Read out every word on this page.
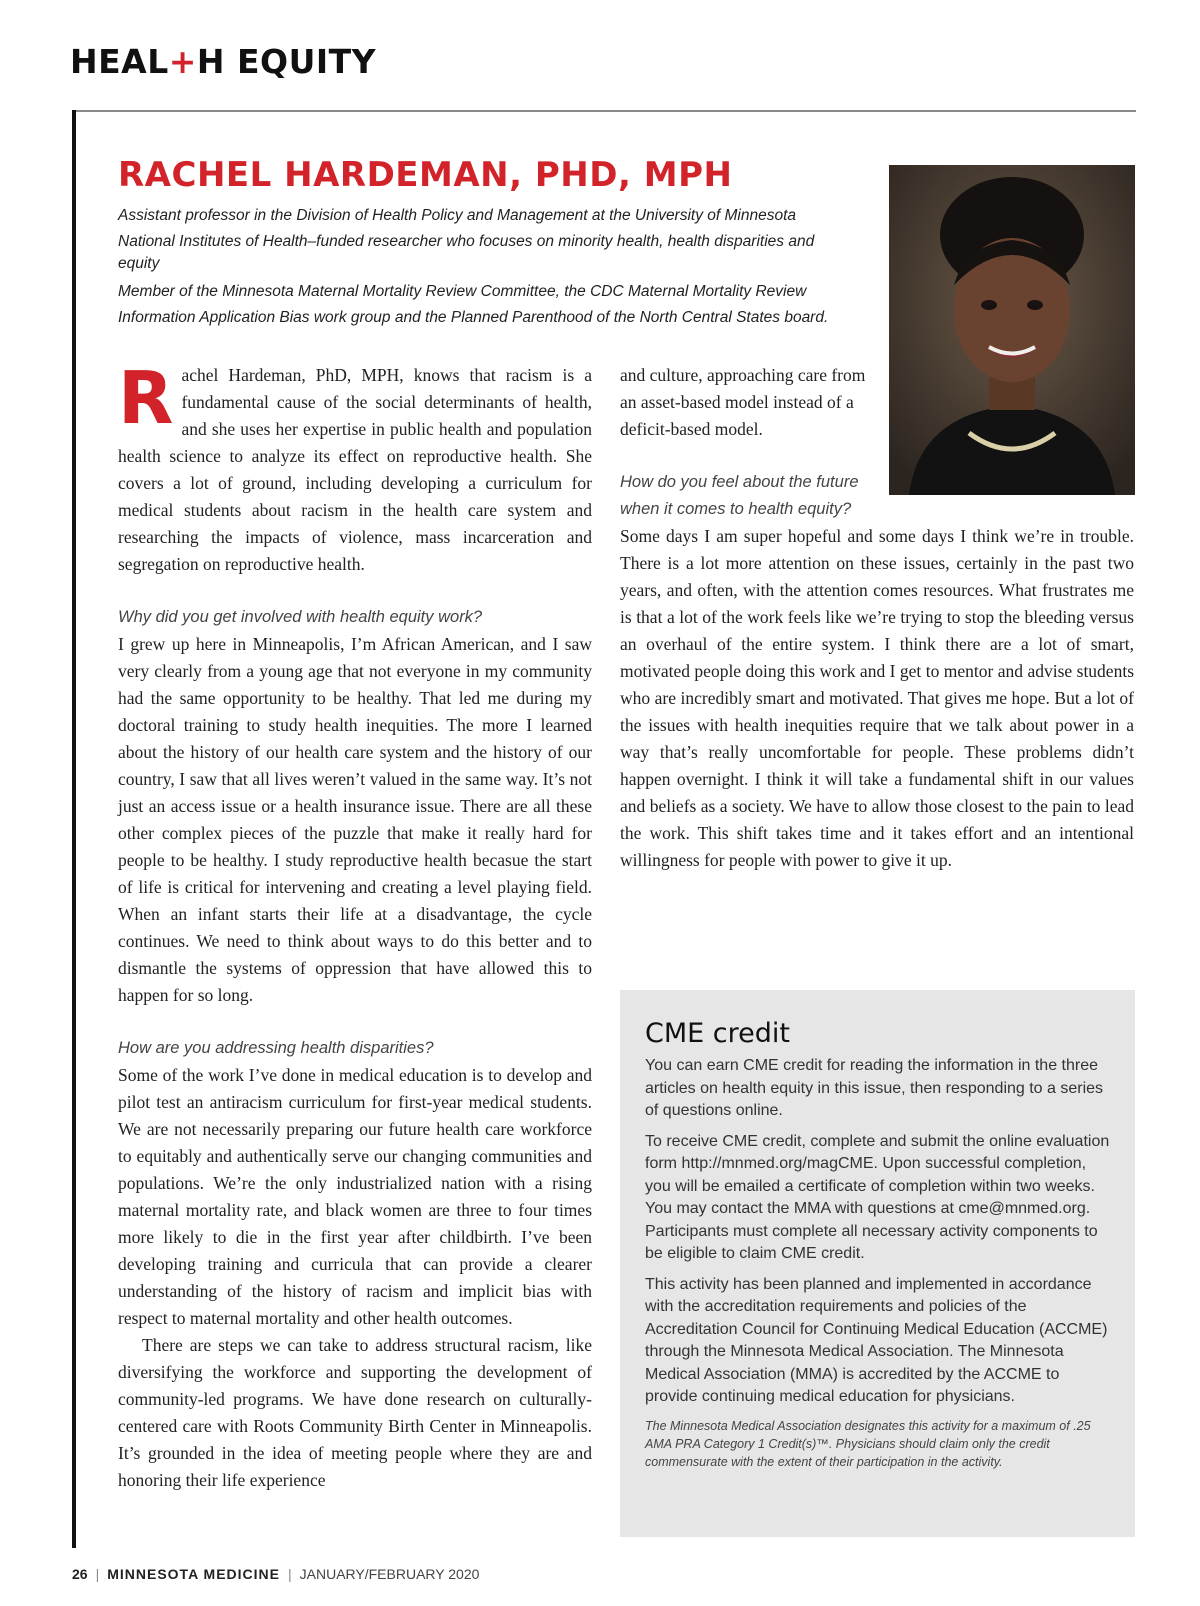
HEAL+H EQUITY
RACHEL HARDEMAN, PHD, MPH

Assistant professor in the Division of Health Policy and Management at the University of Minnesota

National Institutes of Health–funded researcher who focuses on minority health, health disparities and equity

Member of the Minnesota Maternal Mortality Review Committee, the CDC Maternal Mortality Review Information Application Bias work group and the Planned Parenthood of the North Central States board.

Rachel Hardeman, PhD, MPH, knows that racism is a fundamental cause of the social determinants of health, and she uses her expertise in public health and population health science to analyze its effect on reproductive health. She covers a lot of ground, including developing a curriculum for medical students about racism in the health care system and researching the impacts of violence, mass incarceration and segregation on reproductive health.

Why did you get involved with health equity work?

I grew up here in Minneapolis, I’m African American, and I saw very clearly from a young age that not everyone in my community had the same opportunity to be healthy. That led me during my doctoral training to study health inequities. The more I learned about the history of our health care system and the history of our country, I saw that all lives weren’t valued in the same way. It’s not just an access issue or a health insurance issue. There are all these other complex pieces of the puzzle that make it really hard for people to be healthy. I study reproductive health becasue the start of life is critical for intervening and creating a level playing field. When an infant starts their life at a disadvantage, the cycle continues. We need to think about ways to do this better and to dismantle the systems of oppression that have allowed this to happen for so long.

How are you addressing health disparities?

Some of the work I’ve done in medical education is to develop and pilot test an antiracism curriculum for first-year medical students. We are not necessarily preparing our future health care workforce to equitably and authentically serve our changing communities and populations. We’re the only industrialized nation with a rising maternal mortality rate, and black women are three to four times more likely to die in the first year after childbirth. I’ve been developing training and curricula that can provide a clearer understanding of the history of racism and implicit bias with respect to maternal mortality and other health outcomes.

There are steps we can take to address structural racism, like diversifying the workforce and supporting the development of community-led programs. We have done research on culturally-centered care with Roots Community Birth Center in Minneapolis. It’s grounded in the idea of meeting people where they are and honoring their life experience

and culture, approaching care from an asset-based model instead of a deficit-based model.

How do you feel about the future when it comes to health equity?

Some days I am super hopeful and some days I think we’re in trouble. There is a lot more attention on these issues, certainly in the past two years, and often, with the attention comes resources. What frustrates me is that a lot of the work feels like we’re trying to stop the bleeding versus an overhaul of the entire system. I think there are a lot of smart, motivated people doing this work and I get to mentor and advise students who are incredibly smart and motivated. That gives me hope. But a lot of the issues with health inequities require that we talk about power in a way that’s really uncomfortable for people. These problems didn’t happen overnight. I think it will take a fundamental shift in our values and beliefs as a society. We have to allow those closest to the pain to lead the work. This shift takes time and it takes effort and an intentional willingness for people with power to give it up.

CME credit

You can earn CME credit for reading the information in the three articles on health equity in this issue, then responding to a series of questions online.

To receive CME credit, complete and submit the online evaluation form http://mnmed.org/magCME. Upon successful completion, you will be emailed a certificate of completion within two weeks. You may contact the MMA with questions at cme@mnmed.org. Participants must complete all necessary activity components to be eligible to claim CME credit.

This activity has been planned and implemented in accordance with the accreditation requirements and policies of the Accreditation Council for Continuing Medical Education (ACCME) through the Minnesota Medical Association. The Minnesota Medical Association (MMA) is accredited by the ACCME to provide continuing medical education for physicians.

The Minnesota Medical Association designates this activity for a maximum of .25 AMA PRA Category 1 Credit(s)™. Physicians should claim only the credit commensurate with the extent of their participation in the activity.

26 | MINNESOTA MEDICINE | JANUARY/FEBRUARY 2020
